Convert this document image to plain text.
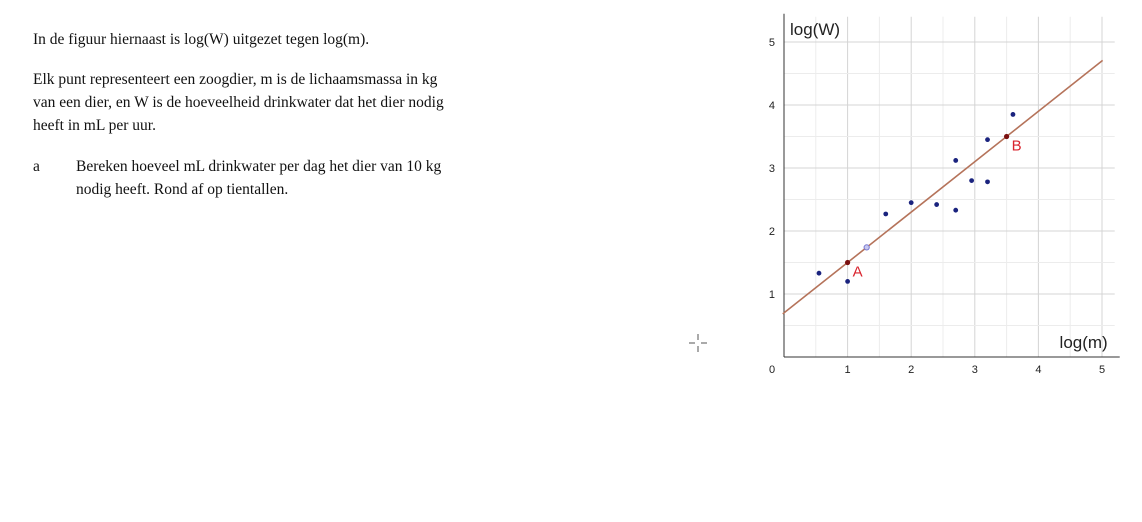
In de figuur hiernaast is log(W) uitgezet tegen log(m).

Elk punt representeert een zoogdier, m is de lichaamsmassa in kg

van een dier, en W is de hoeveelheid drinkwater dat het dier nodig

heeft in mL per uur.

a Bereken hoeveel mL drinkwater per dag het dier van 10 kg
nodig heeft. Rond af op tientallen.
0	1	2	3	4	5
1
2
3
4
5
A
B
log(W)
log(m)
